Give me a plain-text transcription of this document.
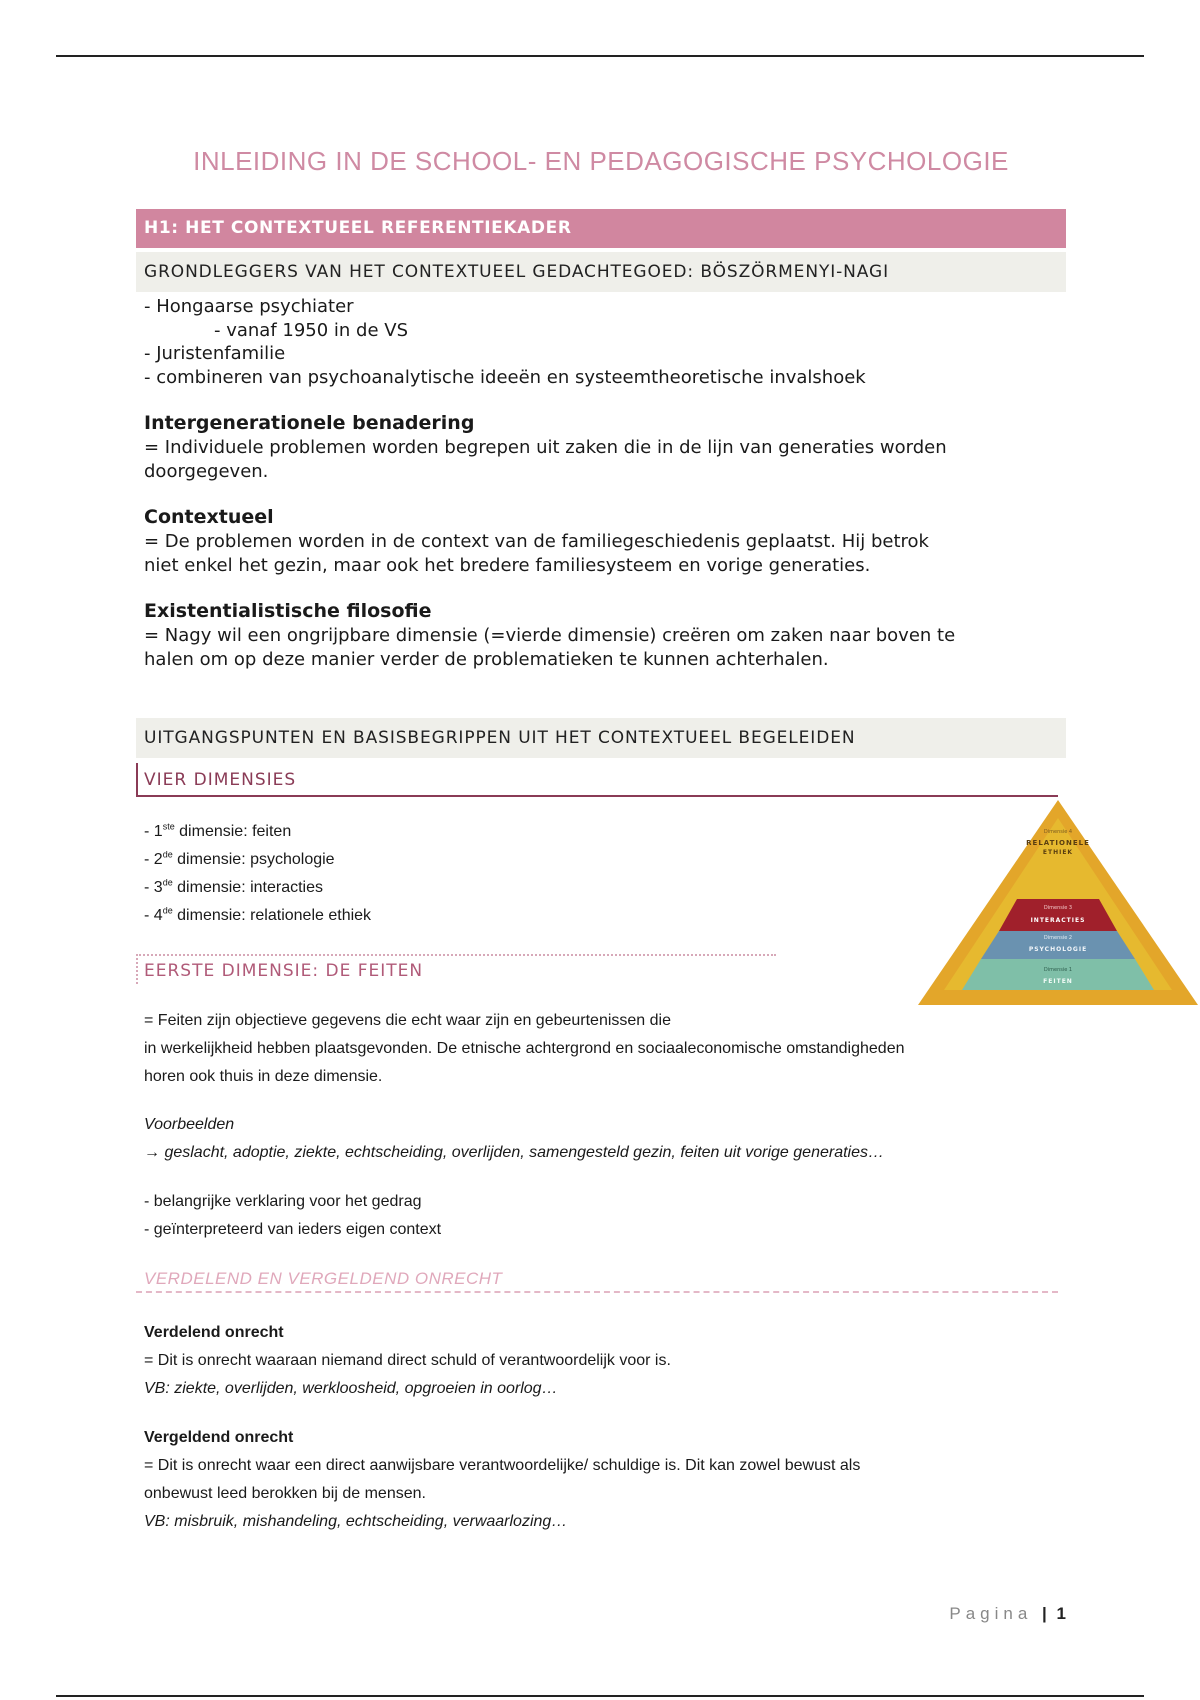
INLEIDING IN DE SCHOOL- EN PEDAGOGISCHE PSYCHOLOGIE
H1: HET CONTEXTUEEL REFERENTIEKADER
GRONDLEGGERS VAN HET CONTEXTUEEL GEDACHTEGOED: BÖSZÖRMENYI-NAGI
- Hongaarse psychiater
- vanaf 1950 in de VS
- Juristenfamilie
- combineren van psychoanalytische ideeën en systeemtheoretische invalshoek
Intergenerationele benadering
= Individuele problemen worden begrepen uit zaken die in de lijn van generaties worden
doorgegeven.
Contextueel
= De problemen worden in de context van de familiegeschiedenis geplaatst. Hij betrok
niet enkel het gezin, maar ook het bredere familiesysteem en vorige generaties.
Existentialistische filosofie
= Nagy wil een ongrijpbare dimensie (=vierde dimensie) creëren om zaken naar boven te
halen om op deze manier verder de problematieken te kunnen achterhalen.
UITGANGSPUNTEN EN BASISBEGRIPPEN UIT HET CONTEXTUEEL BEGELEIDEN
VIER DIMENSIES
- 1ste dimensie: feiten
- 2de dimensie: psychologie
- 3de dimensie: interacties
- 4de dimensie: relationele ethiek
Dimensie 4
RELATIONELE
ETHIEK
Dimensie 3
INTERACTIES
Dimensie 2
PSYCHOLOGIE
Dimensie 1
FEITEN
EERSTE DIMENSIE: DE FEITEN
= Feiten zijn objectieve gegevens die echt waar zijn en gebeurtenissen die
in werkelijkheid hebben plaatsgevonden. De etnische achtergrond en sociaaleconomische omstandigheden
horen ook thuis in deze dimensie.
Voorbeelden
→ geslacht, adoptie, ziekte, echtscheiding, overlijden, samengesteld gezin, feiten uit vorige generaties…
- belangrijke verklaring voor het gedrag
- geïnterpreteerd van ieders eigen context
VERDELEND EN VERGELDEND ONRECHT
Verdelend onrecht
= Dit is onrecht waaraan niemand direct schuld of verantwoordelijk voor is.
VB: ziekte, overlijden, werkloosheid, opgroeien in oorlog…
Vergeldend onrecht
= Dit is onrecht waar een direct aanwijsbare verantwoordelijke/ schuldige is. Dit kan zowel bewust als
onbewust leed berokken bij de mensen.
VB: misbruik, mishandeling, echtscheiding, verwaarlozing…
Pagina | 1
